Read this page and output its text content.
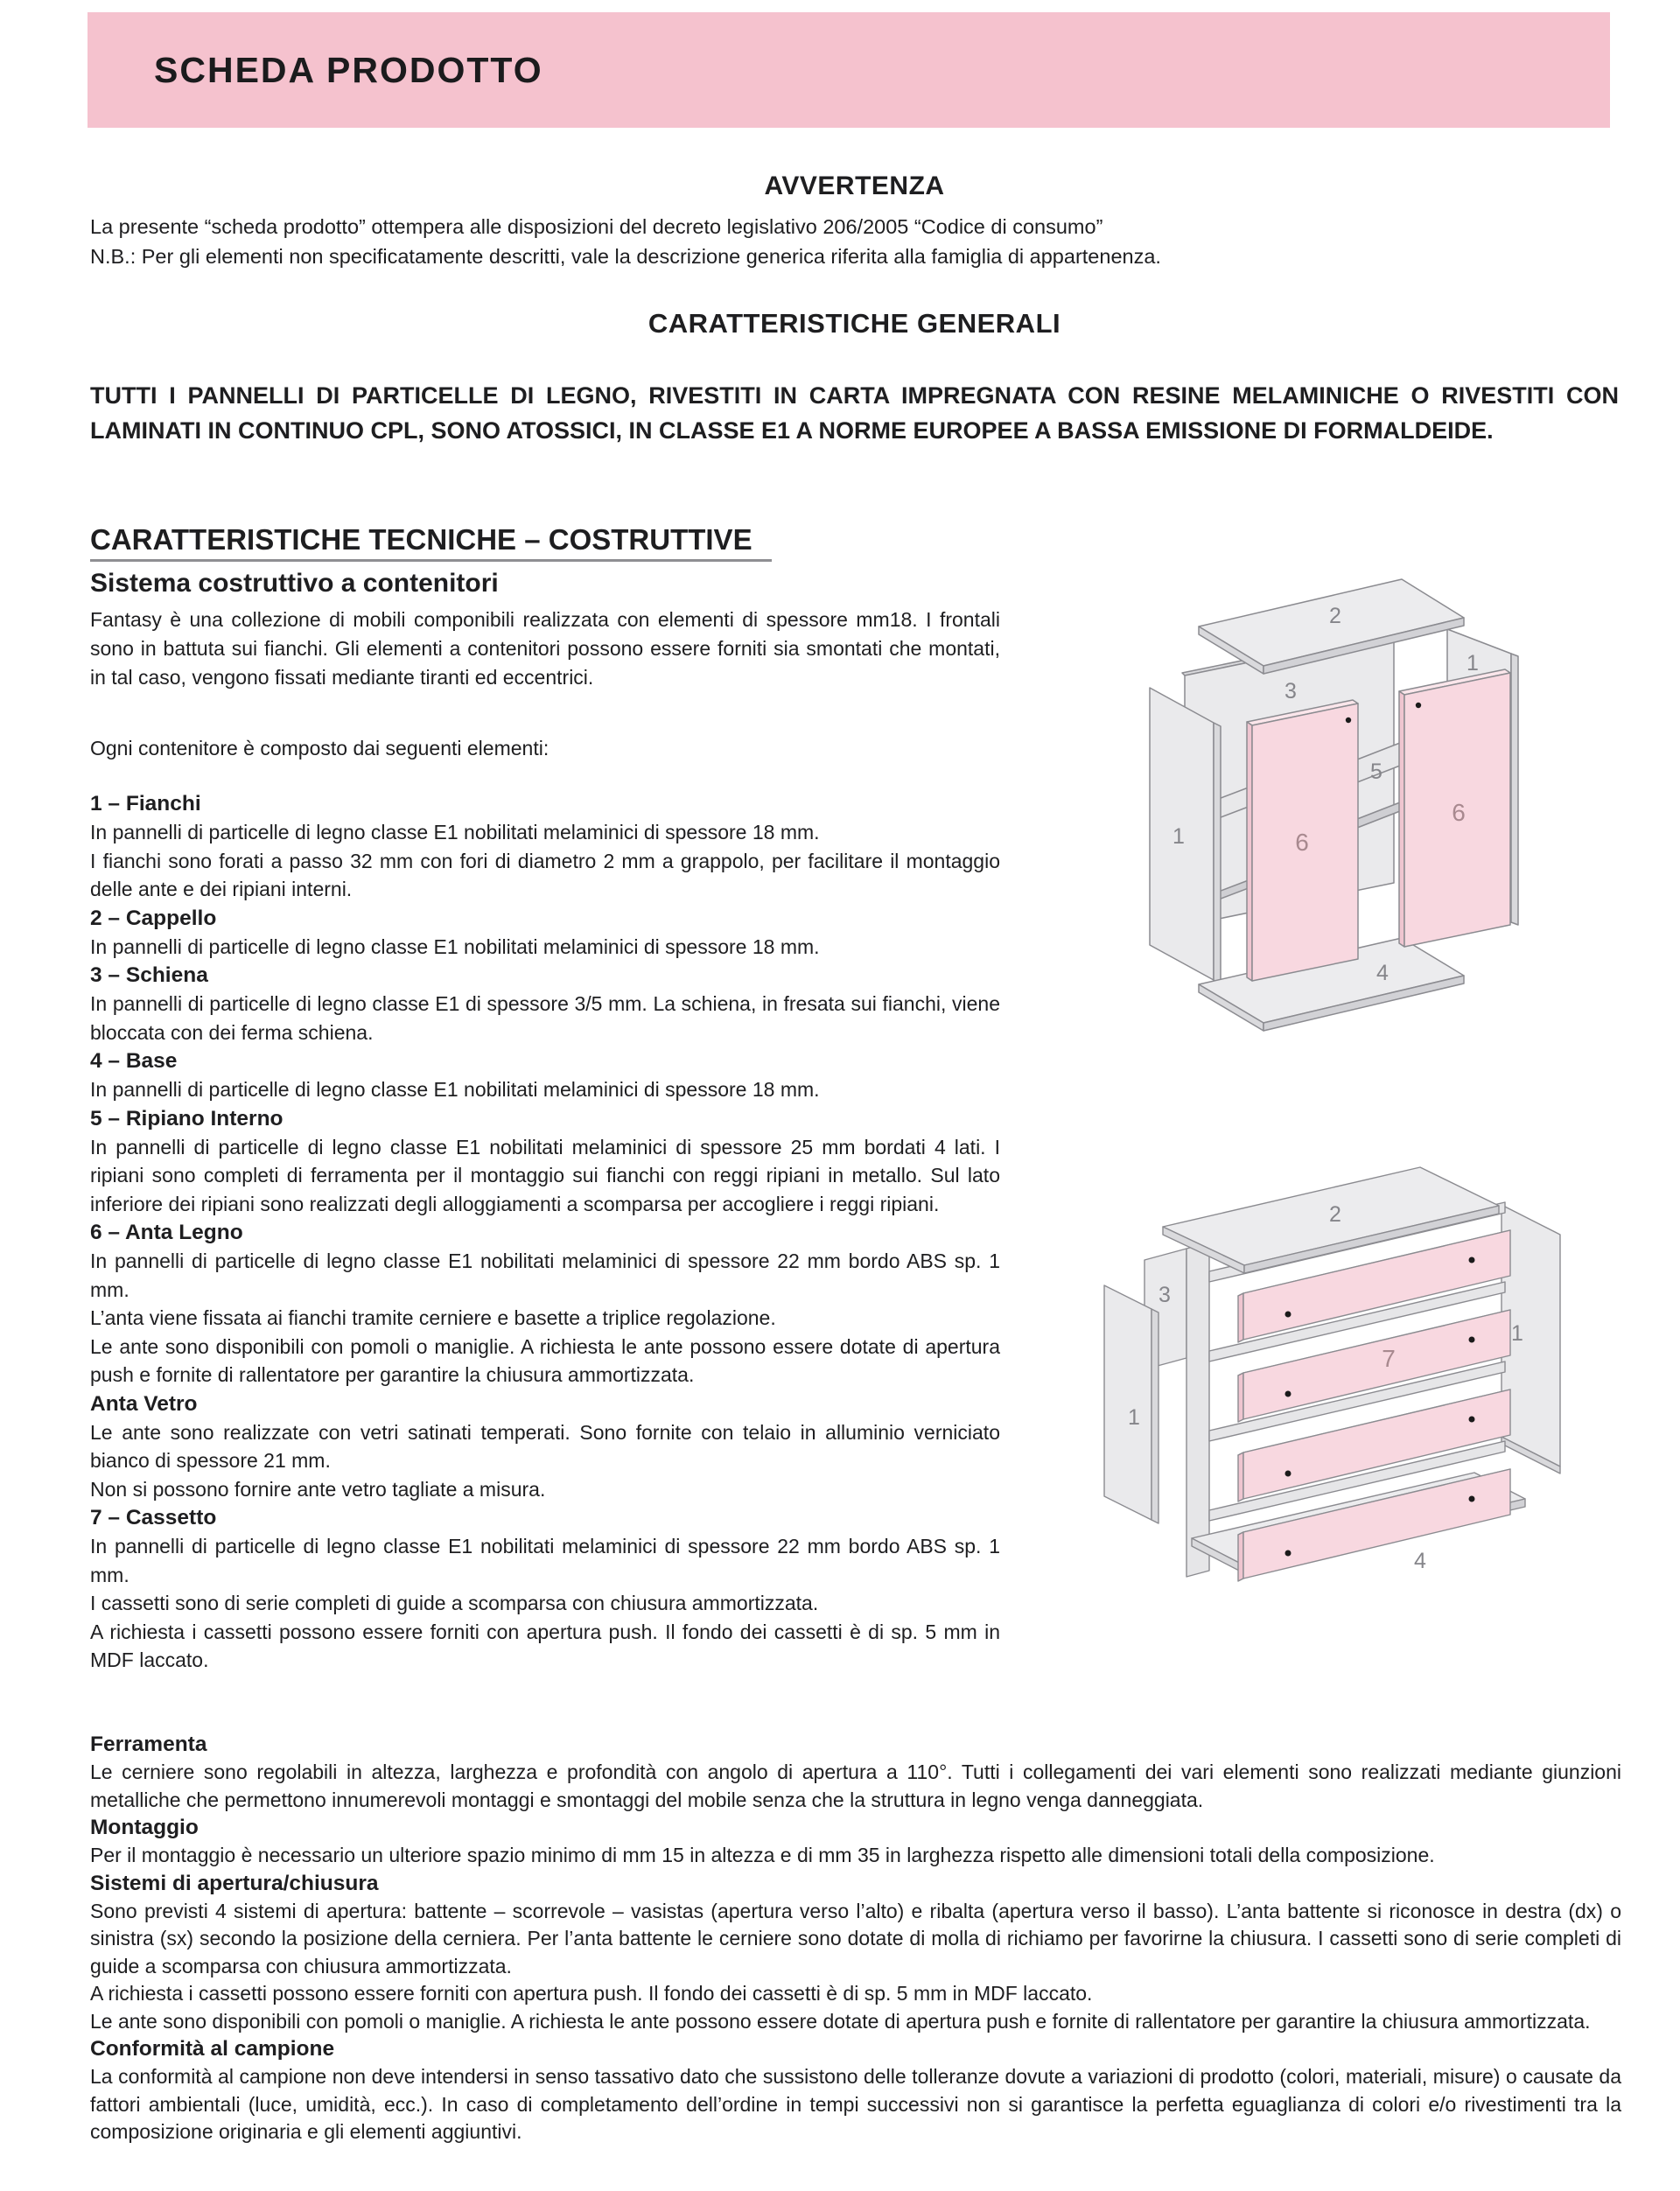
SCHEDA PRODOTTO
AVVERTENZA

La presente “scheda prodotto” ottempera alle disposizioni del decreto legislativo 206/2005 “Codice di consumo”

N.B.: Per gli elementi non specificatamente descritti, vale la descrizione generica riferita alla famiglia di appartenenza.

CARATTERISTICHE GENERALI

TUTTI I PANNELLI DI PARTICELLE DI LEGNO, RIVESTITI IN CARTA IMPREGNATA CON RESINE MELAMINICHE O RIVESTITI CON LAMINATI IN CONTINUO CPL, SONO ATOSSICI, IN CLASSE E1 A NORME EUROPEE A BASSA EMISSIONE DI FORMALDEIDE.

CARATTERISTICHE TECNICHE – COSTRUTTIVE

Sistema costruttivo a contenitori

Fantasy è una collezione di mobili componibili realizzata con elementi di spessore mm18. I frontali sono in battuta sui fianchi. Gli elementi a contenitori possono essere forniti sia smontati che montati, in tal caso, vengono fissati mediante tiranti ed eccentrici.

Ogni contenitore è composto dai seguenti elementi:

1 – Fianchi

In pannelli di particelle di legno classe E1 nobilitati melaminici di spessore 18 mm.

I fianchi sono forati a passo 32 mm con fori di diametro 2 mm a grappolo, per facilitare il montaggio delle ante e dei ripiani interni.

2 – Cappello

In pannelli di particelle di legno classe E1 nobilitati melaminici di spessore 18 mm.

3 – Schiena

In pannelli di particelle di legno classe E1 di spessore 3/5 mm. La schiena, in fresata sui fianchi, viene bloccata con dei ferma schiena.

4 – Base

In pannelli di particelle di legno classe E1 nobilitati melaminici di spessore 18 mm.

5 – Ripiano Interno

In pannelli di particelle di legno classe E1 nobilitati melaminici di spessore 25 mm bordati 4 lati. I ripiani sono completi di ferramenta per il montaggio sui fianchi con reggi ripiani in metallo. Sul lato inferiore dei ripiani sono realizzati degli alloggiamenti a scomparsa per accogliere i reggi ripiani.

6 – Anta Legno

In pannelli di particelle di legno classe E1 nobilitati melaminici di spessore 22 mm bordo ABS sp. 1 mm.

L’anta viene fissata ai fianchi tramite cerniere e basette a triplice regolazione.

Le ante sono disponibili con pomoli o maniglie. A richiesta le ante possono essere dotate di apertura push e fornite di rallentatore per garantire la chiusura ammortizzata.

Anta Vetro

Le ante sono realizzate con vetri satinati temperati. Sono fornite con telaio in alluminio verniciato bianco di spessore 21 mm.

Non si possono fornire ante vetro tagliate a misura.

7 – Cassetto

In pannelli di particelle di legno classe E1 nobilitati melaminici di spessore 22 mm bordo ABS sp. 1 mm.

I cassetti sono di serie completi di guide a scomparsa con chiusura ammortizzata.

A richiesta i cassetti possono essere forniti con apertura push. Il fondo dei cassetti è di sp. 5 mm in MDF laccato.

Ferramenta

Le cerniere sono regolabili in altezza, larghezza e profondità con angolo di apertura a 110°. Tutti i collegamenti dei vari elementi sono realizzati mediante giunzioni metalliche che permettono innumerevoli montaggi e smontaggi del mobile senza che la struttura in legno venga danneggiata.

Montaggio

Per il montaggio è necessario un ulteriore spazio minimo di mm 15 in altezza e di mm 35 in larghezza rispetto alle dimensioni totali della composizione.

Sistemi di apertura/chiusura

Sono previsti 4 sistemi di apertura: battente – scorrevole – vasistas (apertura verso l’alto) e ribalta (apertura verso il basso). L’anta battente si riconosce in destra (dx) o sinistra (sx) secondo la posizione della cerniera. Per l’anta battente le cerniere sono dotate di molla di richiamo per favorirne la chiusura. I cassetti sono di serie completi di guide a scomparsa con chiusura ammortizzata.

A richiesta i cassetti possono essere forniti con apertura push. Il fondo dei cassetti è di sp. 5 mm in MDF laccato.

Le ante sono disponibili con pomoli o maniglie. A richiesta le ante possono essere dotate di apertura push e fornite di rallentatore per garantire la chiusura ammortizzata.

Conformità al campione

La conformità al campione non deve intendersi in senso tassativo dato che sussistono delle tolleranze dovute a variazioni di prodotto (colori, materiali, misure) o causate da fattori ambientali (luce, umidità, ecc.). In caso di completamento dell’ordine in tempi successivi non si garantisce la perfetta eguaglianza di colori e/o rivestimenti tra la composizione originaria e gli elementi aggiuntivi.

2
3
1
1
5
6
6
4
2
3
1
1
7
4
